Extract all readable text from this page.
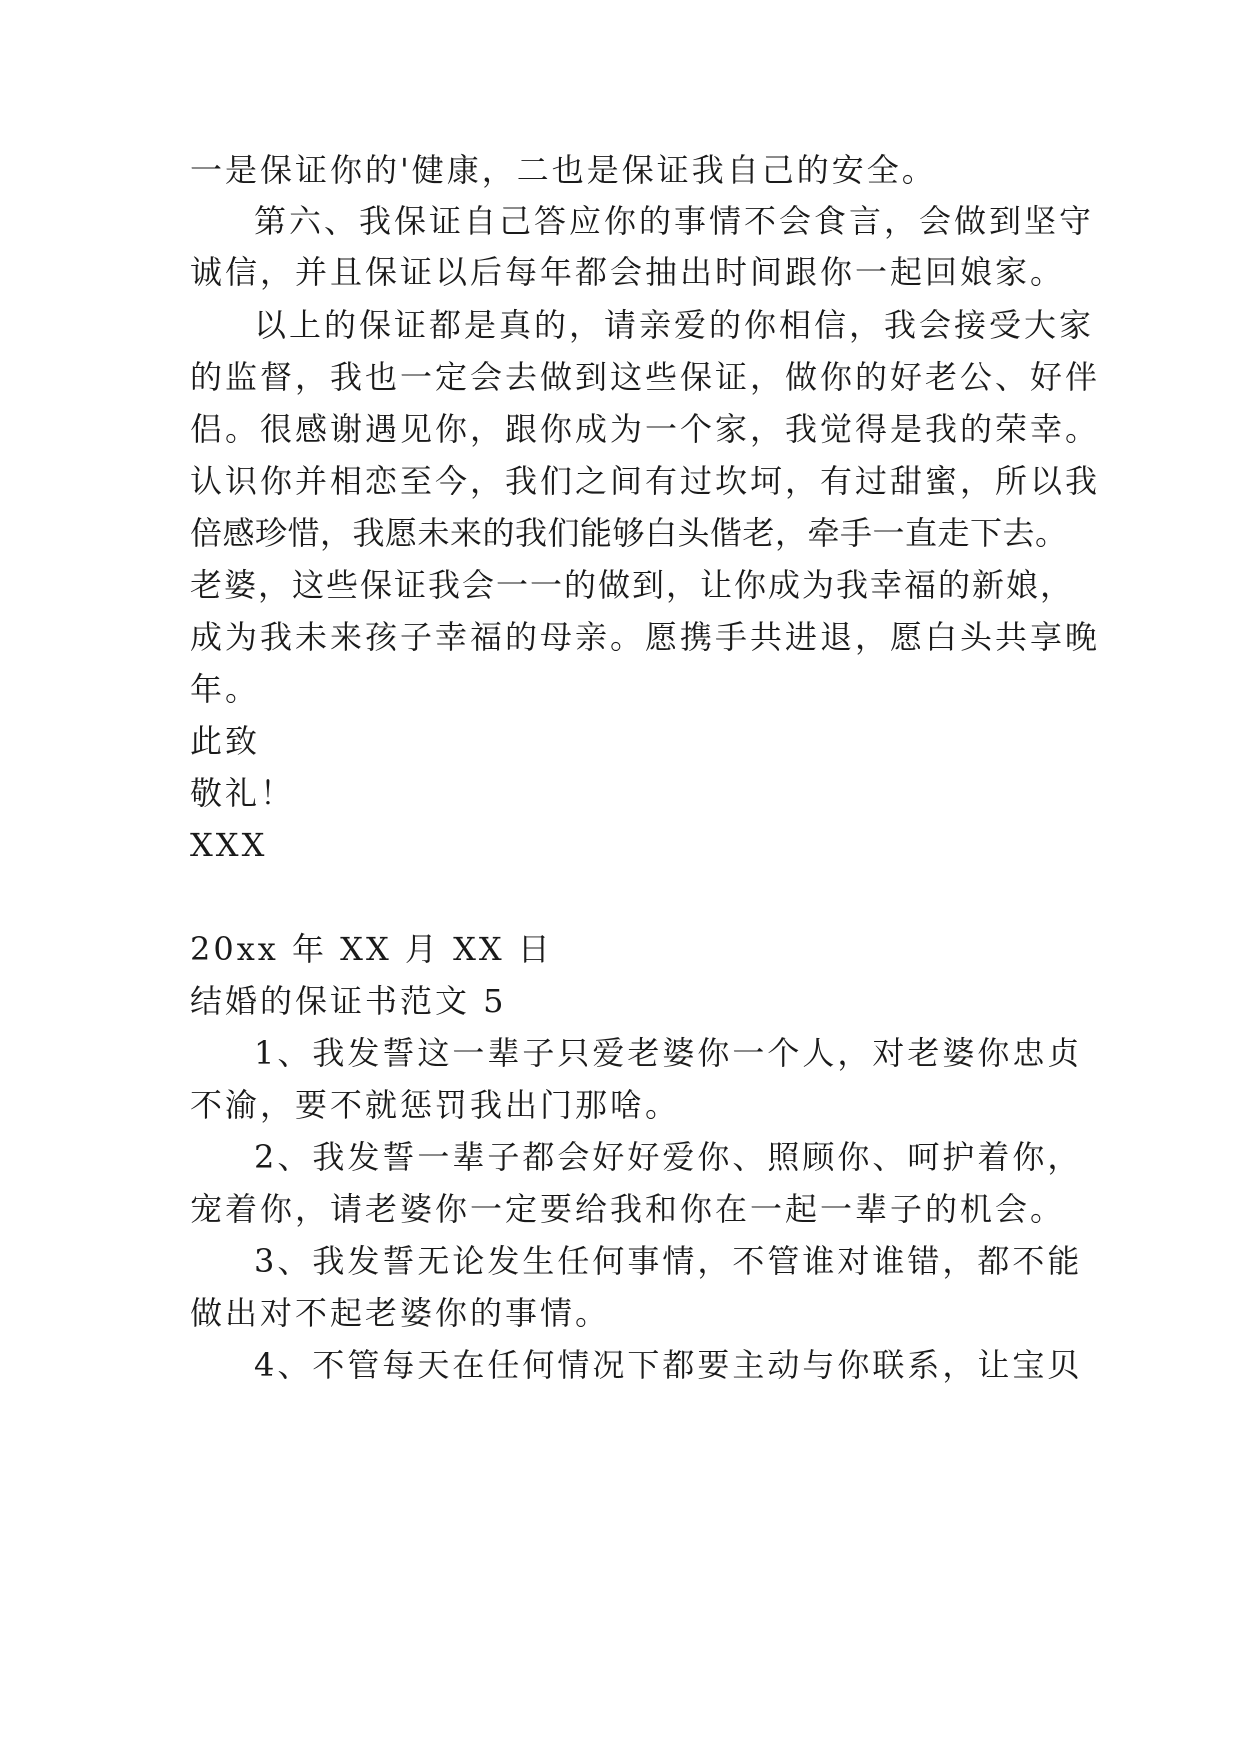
一是保证你的'健康，二也是保证我自己的安全。
第六、我保证自己答应你的事情不会食言，会做到坚守
诚信，并且保证以后每年都会抽出时间跟你一起回娘家。
以上的保证都是真的，请亲爱的你相信，我会接受大家
的监督，我也一定会去做到这些保证，做你的好老公、好伴
侣。很感谢遇见你，跟你成为一个家，我觉得是我的荣幸。
认识你并相恋至今，我们之间有过坎坷，有过甜蜜，所以我
倍感珍惜，我愿未来的我们能够白头偕老，牵手一直走下去。
老婆，这些保证我会一一的做到，让你成为我幸福的新娘，
成为我未来孩子幸福的母亲。愿携手共进退，愿白头共享晚
年。
此致
敬礼！
XXX
20xx 年 XX 月 XX 日
结婚的保证书范文 5
1、我发誓这一辈子只爱老婆你一个人，对老婆你忠贞
不渝，要不就惩罚我出门那啥。
2、我发誓一辈子都会好好爱你、照顾你、呵护着你，
宠着你，请老婆你一定要给我和你在一起一辈子的机会。
3、我发誓无论发生任何事情，不管谁对谁错，都不能
做出对不起老婆你的事情。
4、不管每天在任何情况下都要主动与你联系，让宝贝
